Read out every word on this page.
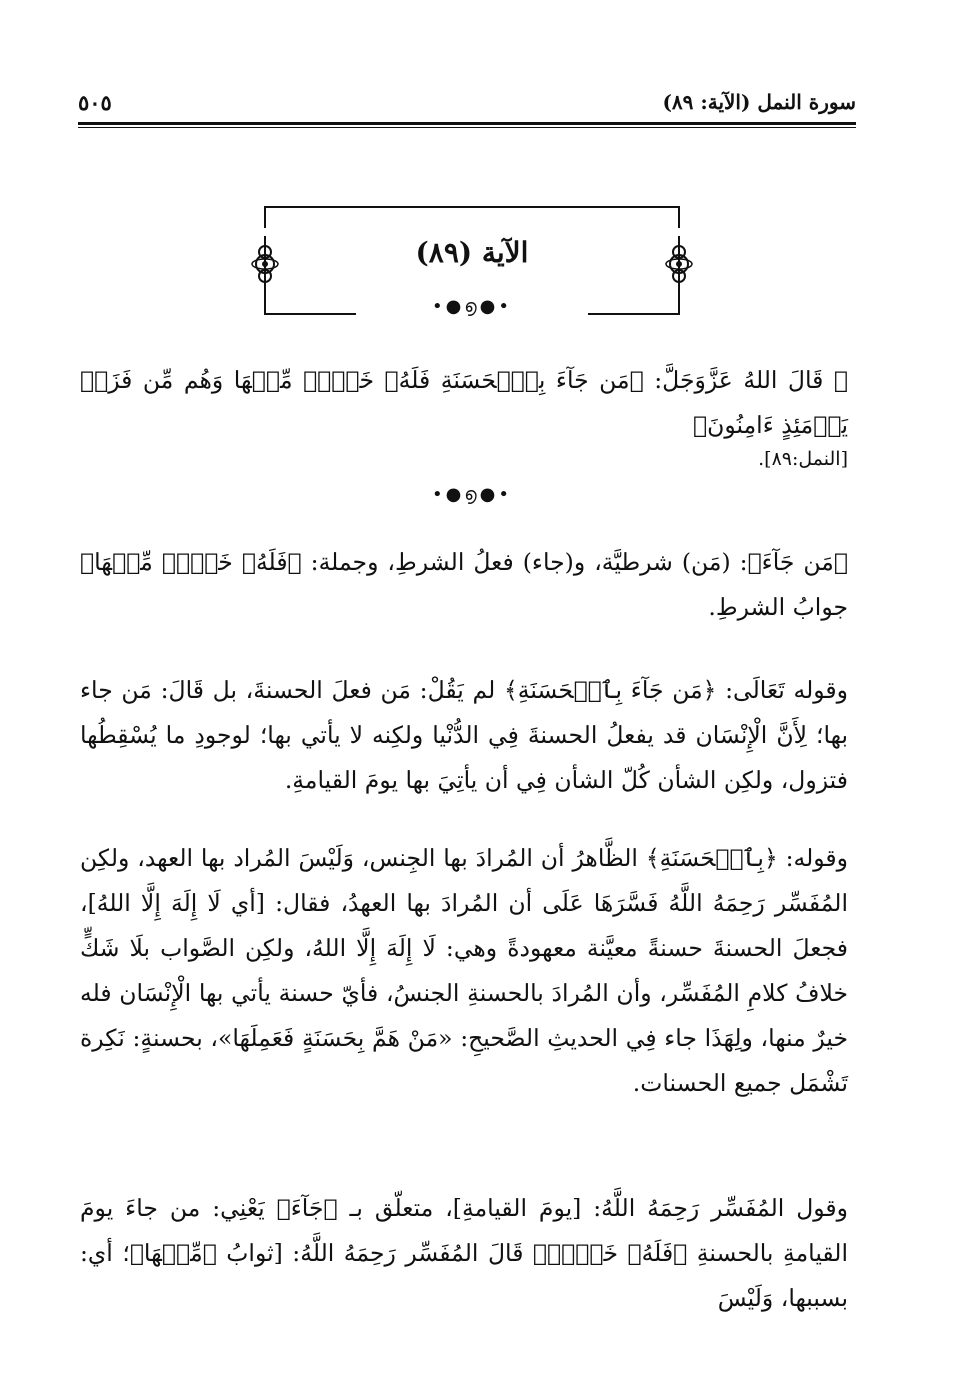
سورة النمل (الآية: ٨٩)
٥٠٥
الآية (٨٩)
•●൭●•

۞ قَالَ اللهُ عَزَّوَجَلَّ: ﴿مَن جَآءَ بِٱلۡحَسَنَةِ فَلَهُۥ خَيۡرٞ مِّنۡهَا وَهُم مِّن فَزَعٖ يَوۡمَئِذٍ ءَامِنُونَ﴾

[النمل:٨٩].

•●൭●•

﴿مَن جَآءَ﴾: (مَن) شرطيَّة، و(جاء) فعلُ الشرطِ، وجملة: ﴿فَلَهُۥ خَيۡرٞ مِّنۡهَا﴾ جوابُ الشرطِ.

وقوله تَعَالَى: ﴿مَن جَآءَ بِٱلۡحَسَنَةِ﴾ لم يَقُلْ: مَن فعلَ الحسنةَ، بل قَالَ: مَن جاء بها؛ لِأَنَّ الْإِنْسَان قد يفعلُ الحسنةَ فِي الدُّنْيا ولكِنه لا يأتي بها؛ لوجودِ ما يُسْقِطُها فتزول، ولكِن الشأن كُلّ الشأن فِي أن يأتِيَ بها يومَ القيامةِ.

وقوله: ﴿بِٱلۡحَسَنَةِ﴾ الظَّاهرُ أن المُرادَ بها الجِنس، وَلَيْسَ المُراد بها العهد، ولكِن المُفَسِّر رَحِمَهُ اللَّهُ فَسَّرَهَا عَلَى أن المُرادَ بها العهدُ، فقال: [أي لَا إِلَهَ إِلَّا اللهُ]، فجعلَ الحسنةَ حسنةً معيَّنة معهودةً وهي: لَا إِلَهَ إِلَّا اللهُ، ولكِن الصَّواب بلَا شَكٍّ خلافُ كلامِ المُفَسِّر، وأن المُرادَ بالحسنةِ الجنسُ، فأيّ حسنة يأتي بها الْإِنْسَان فله خيرٌ منها، ولِهَذَا جاء فِي الحديثِ الصَّحيحِ: «مَنْ هَمَّ بِحَسَنَةٍ فَعَمِلَهَا»، بحسنةٍ: نَكِرة تَشْمَل جميع الحسنات.

وقول المُفَسِّر رَحِمَهُ اللَّهُ: [يومَ القيامةِ]، متعلّق بـ ﴿جَآءَ﴾ يَعْنِي: من جاءَ يومَ القيامةِ بالحسنةِ ﴿فَلَهُۥ خَيۡرٞ﴾ قَالَ المُفَسِّر رَحِمَهُ اللَّهُ: [ثوابُ ﴿مِّنۡهَا﴾؛ أي: بسببها، وَلَيْسَ
